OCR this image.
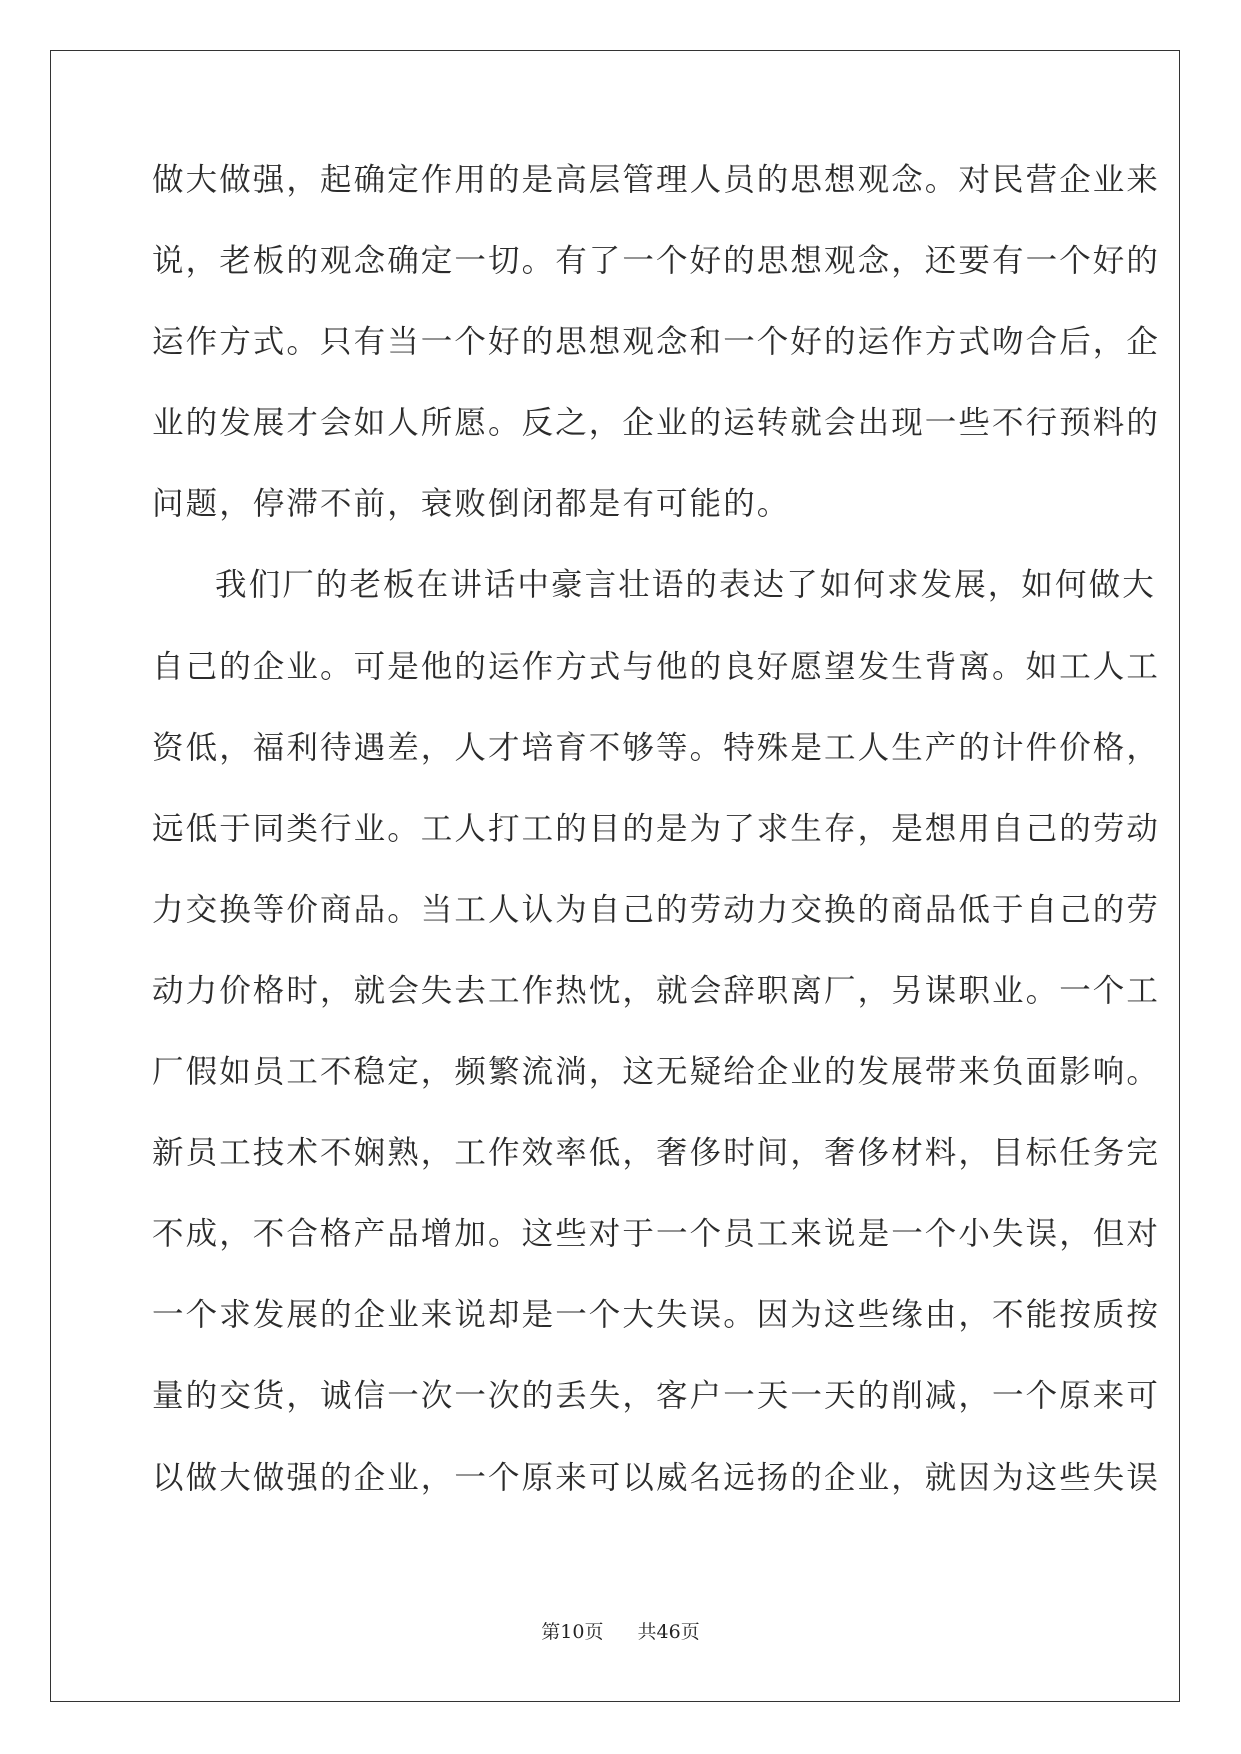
做大做强，起确定作用的是高层管理人员的思想观念。对民营企业来
说，老板的观念确定一切。有了一个好的思想观念，还要有一个好的
运作方式。只有当一个好的思想观念和一个好的运作方式吻合后，企
业的发展才会如人所愿。反之，企业的运转就会出现一些不行预料的
问题，停滞不前，衰败倒闭都是有可能的。
我们厂的老板在讲话中豪言壮语的表达了如何求发展，如何做大
自己的企业。可是他的运作方式与他的良好愿望发生背离。如工人工
资低，福利待遇差，人才培育不够等。特殊是工人生产的计件价格，
远低于同类行业。工人打工的目的是为了求生存，是想用自己的劳动
力交换等价商品。当工人认为自己的劳动力交换的商品低于自己的劳
动力价格时，就会失去工作热忱，就会辞职离厂，另谋职业。一个工
厂假如员工不稳定，频繁流淌，这无疑给企业的发展带来负面影响。
新员工技术不娴熟，工作效率低，奢侈时间，奢侈材料，目标任务完
不成，不合格产品增加。这些对于一个员工来说是一个小失误，但对
一个求发展的企业来说却是一个大失误。因为这些缘由，不能按质按
量的交货，诚信一次一次的丢失，客户一天一天的削减，一个原来可
以做大做强的企业，一个原来可以威名远扬的企业，就因为这些失误
第10页 共46页
